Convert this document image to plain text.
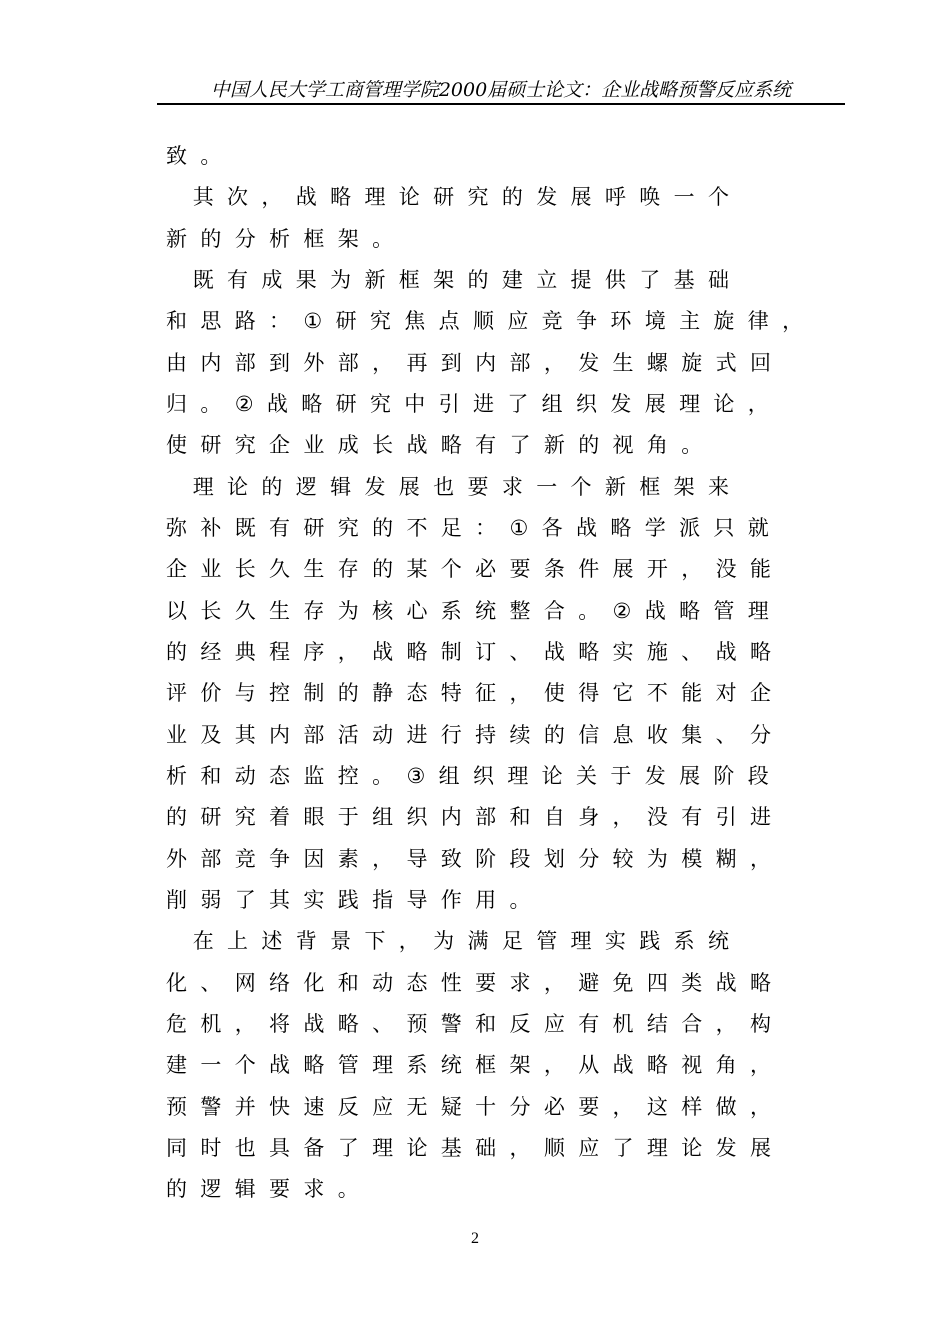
中国人民大学工商管理学院2000届硕士论文：企业战略预警反应系统
致  。
其  次  ，  战  略  理  论  研  究  的  发  展  呼  唤  一  个
新  的  分  析  框  架  。
既  有  成  果  为  新  框  架  的  建  立  提  供  了  基  础
和  思  路  ：  ①  研  究  焦  点  顺  应  竞  争  环  境  主  旋  律  ，
由  内  部  到  外  部  ，  再  到  内  部  ，  发  生  螺  旋  式  回
归  。  ②  战  略  研  究  中  引  进  了  组  织  发  展  理  论  ，
使  研  究  企  业  成  长  战  略  有  了  新  的  视  角  。
理  论  的  逻  辑  发  展  也  要  求  一  个  新  框  架  来
弥  补  既  有  研  究  的  不  足  ：  ①  各  战  略  学  派  只  就
企  业  长  久  生  存  的  某  个  必  要  条  件  展  开  ，  没  能
以  长  久  生  存  为  核  心  系  统  整  合  。  ②  战  略  管  理
的  经  典  程  序  ，  战  略  制  订  、  战  略  实  施  、  战  略
评  价  与  控  制  的  静  态  特  征  ，  使  得  它  不  能  对  企
业  及  其  内  部  活  动  进  行  持  续  的  信  息  收  集  、  分
析  和  动  态  监  控  。  ③  组  织  理  论  关  于  发  展  阶  段
的  研  究  着  眼  于  组  织  内  部  和  自  身  ，  没  有  引  进
外  部  竞  争  因  素  ，  导  致  阶  段  划  分  较  为  模  糊  ，
削  弱  了  其  实  践  指  导  作  用  。
在  上  述  背  景  下  ，  为  满  足  管  理  实  践  系  统
化  、  网  络  化  和  动  态  性  要  求  ，  避  免  四  类  战  略
危  机  ，  将  战  略  、  预  警  和  反  应  有  机  结  合  ，  构
建  一  个  战  略  管  理  系  统  框  架  ，  从  战  略  视  角  ，
预  警  并  快  速  反  应  无  疑  十  分  必  要  ，  这  样  做  ，
同  时  也  具  备  了  理  论  基  础  ，  顺  应  了  理  论  发  展
的  逻  辑  要  求  。
2
